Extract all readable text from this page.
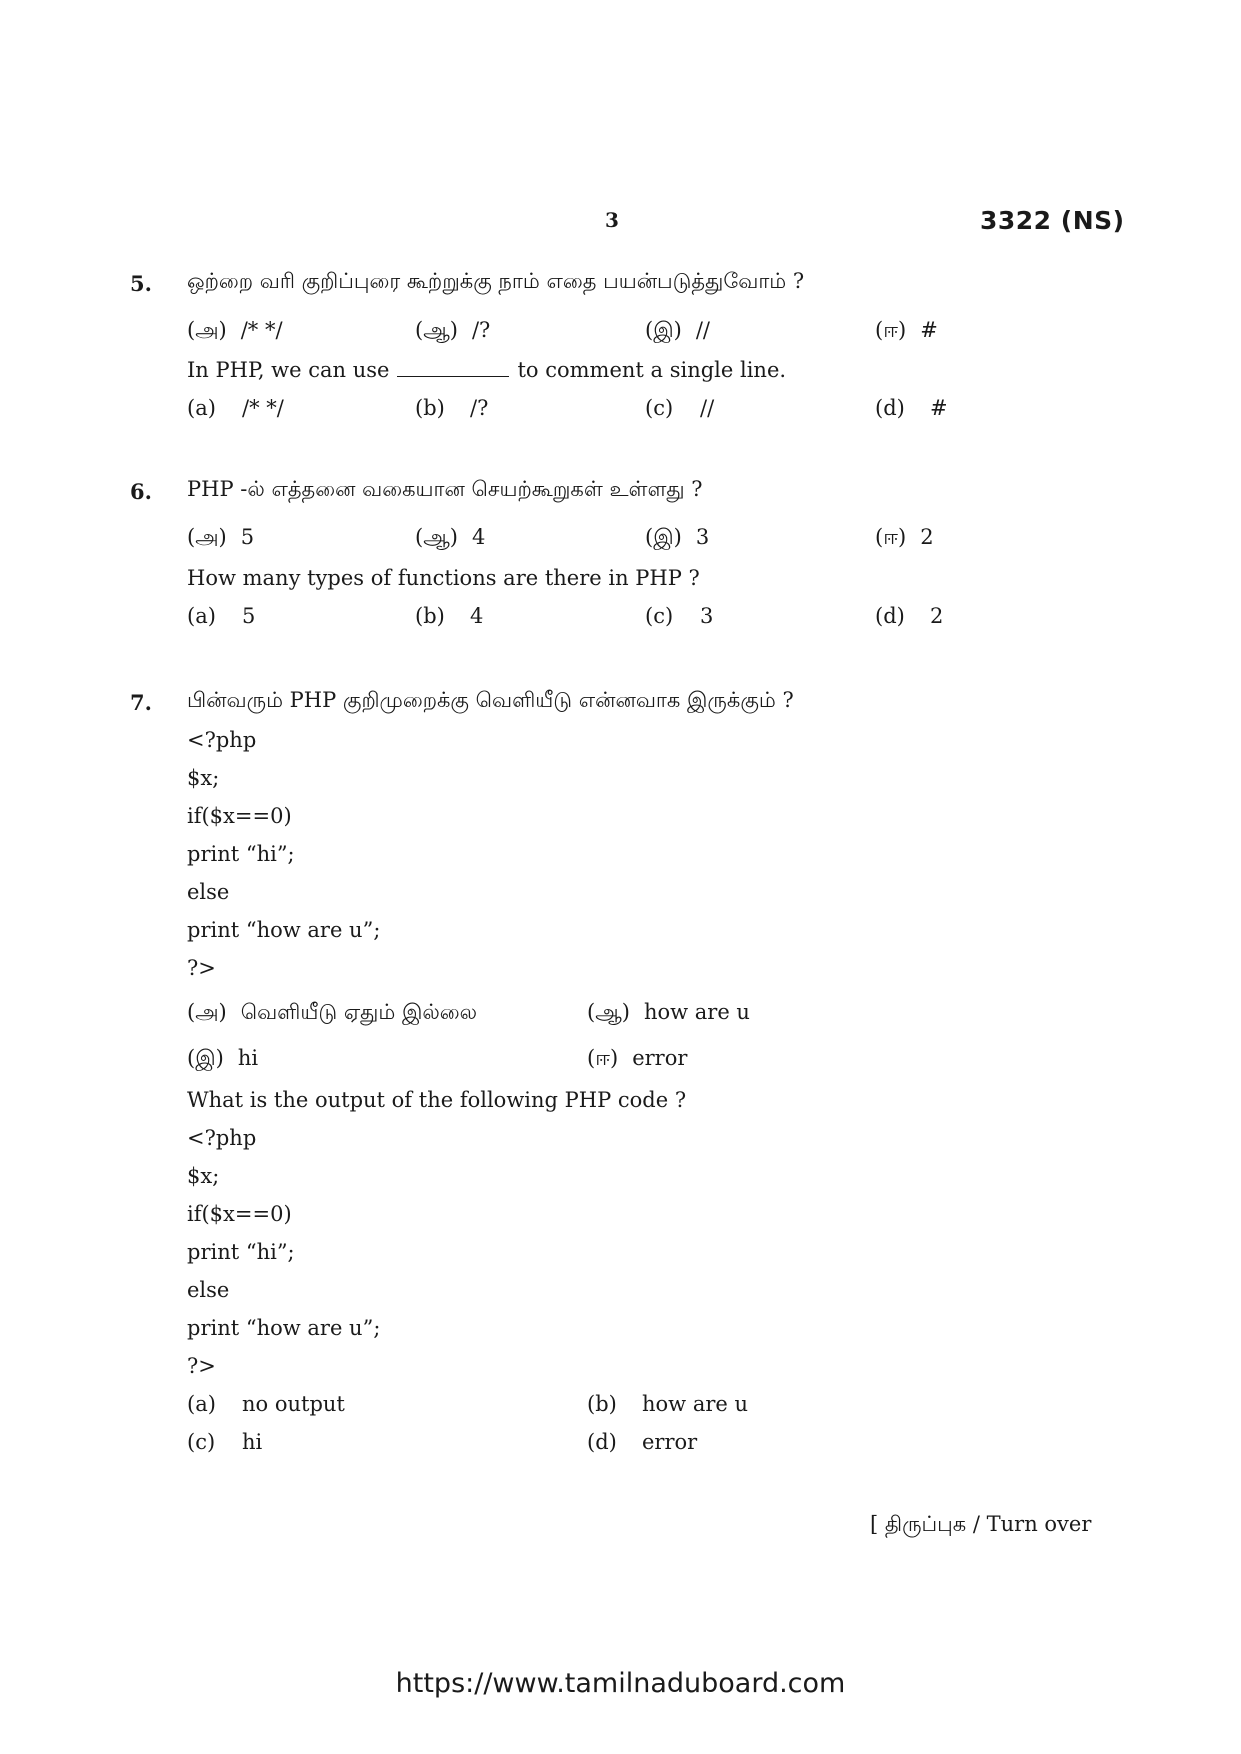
3	3322 (NS)
5. ஒற்றை வரி குறிப்புரை கூற்றுக்கு நாம் எதை பயன்படுத்துவோம் ?
(அ) /* */	(ஆ) /?	(இ) //	(ஈ) #
In PHP, we can use	to comment a single line.
(a) /* */	(b) /?	(c) //	(d) #
6. PHP -ல் எத்தனை வகையான செயற்கூறுகள் உள்ளது ?
(அ) 5	(ஆ) 4	(இ) 3	(ஈ) 2
How many types of functions are there in PHP ?
(a) 5	(b) 4	(c) 3	(d) 2
7. பின்வரும் PHP குறிமுறைக்கு வெளியீடு என்னவாக இருக்கும் ?
<?php
$x;
if($x==0)
print “hi”;
else
print “how are u”;
?>
(அ) வெளியீடு ஏதும் இல்லை	(ஆ) how are u
(இ) hi	(ஈ) error
What is the output of the following PHP code ?
<?php
$x;
if($x==0)
print “hi”;
else
print “how are u”;
?>
(a) no output	(b) how are u
(c) hi	(d) error
[ திருப்புக / Turn over
https://www.tamilnaduboard.com
